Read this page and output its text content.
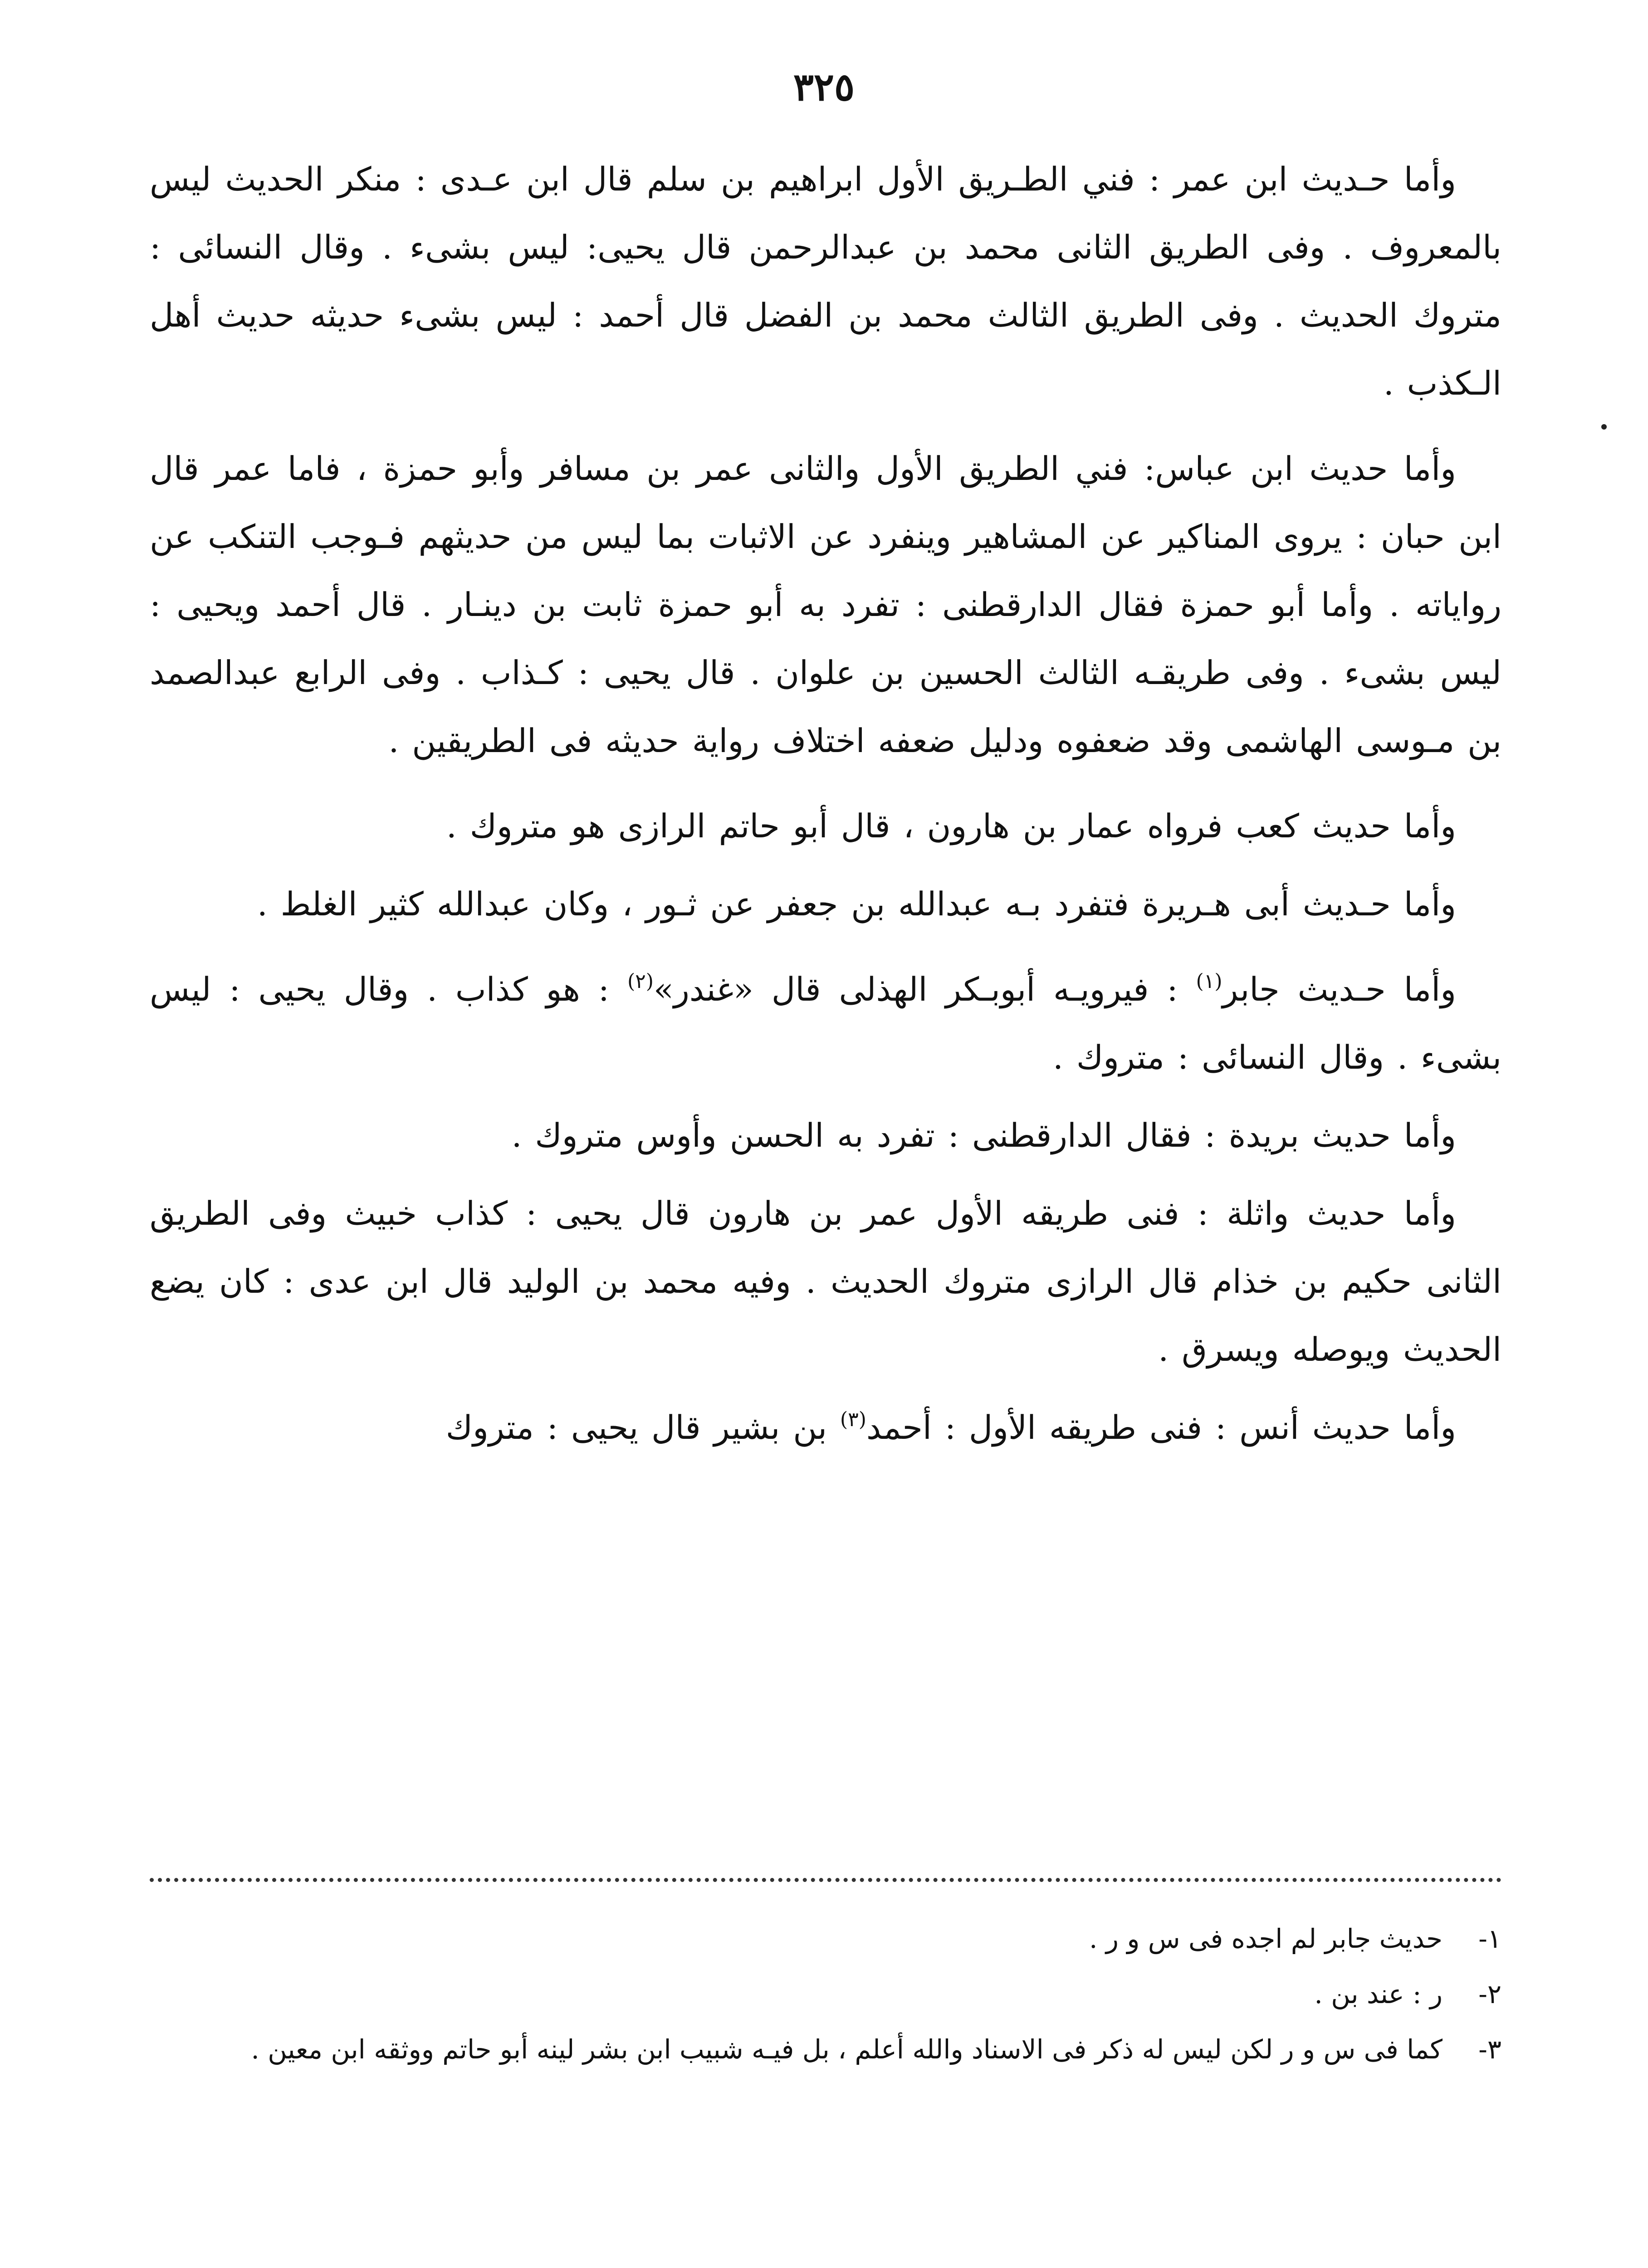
٣٢٥

وأما حـديث ابن عمر : فني الطـريق الأول ابراهيم بن سلم قال ابن عـدى : منكر الحديث ليس بالمعروف . وفى الطريق الثانى محمد بن عبدالرحمن قال يحيى: ليس بشىء . وقال النسائى : متروك الحديث . وفى الطريق الثالث محمد بن الفضل قال أحمد : ليس بشىء حديثه حديث أهل الـكذب .

وأما حديث ابن عباس: فني الطريق الأول والثانى عمر بن مسافر وأبو حمزة ، فاما عمر قال ابن حبان : يروى المناكير عن المشاهير وينفرد عن الاثبات بما ليس من حديثهم فـوجب التنكب عن رواياته . وأما أبو حمزة فقال الدارقطنى : تفرد به أبو حمزة ثابت بن دينـار . قال أحمد ويحيى : ليس بشىء . وفى طريقـه الثالث الحسين بن علوان . قال يحيى : كـذاب . وفى الرابع عبدالصمد بن مـوسى الهاشمى وقد ضعفوه ودليل ضعفه اختلاف رواية حديثه فى الطريقين .

وأما حديث كعب فرواه عمار بن هارون ، قال أبو حاتم الرازى هو متروك .

وأما حـديث أبى هـريرة فتفرد بـه عبدالله بن جعفر عن ثـور ، وكان عبدالله كثير الغلط .

وأما حـديث جابر$^{(١)}$ : فيرويـه أبوبـكر الهذلى قال «غندر»$^{(٢)}$ : هو كذاب . وقال يحيى : ليس بشىء . وقال النسائى : متروك .

وأما حديث بريدة : فقال الدارقطنى : تفرد به الحسن وأوس متروك .

وأما حديث واثلة : فنى طريقه الأول عمر بن هارون قال يحيى : كذاب خبيث وفى الطريق الثانى حكيم بن خذام قال الرازى متروك الحديث . وفيه محمد بن الوليد قال ابن عدى : كان يضع الحديث ويوصله ويسرق .

وأما حديث أنس : فنى طريقه الأول : أحمد$^{(٣)}$ بن بشير قال يحيى : متروك

١-
حديث جابر لم اجده فى س و ر .
٢-
ر : عند بن .
٣-
كما فى س و ر لكن ليس له ذكر فى الاسناد والله أعلم ، بل فيـه شبيب ابن بشر لينه أبو حاتم ووثقه ابن معين .
